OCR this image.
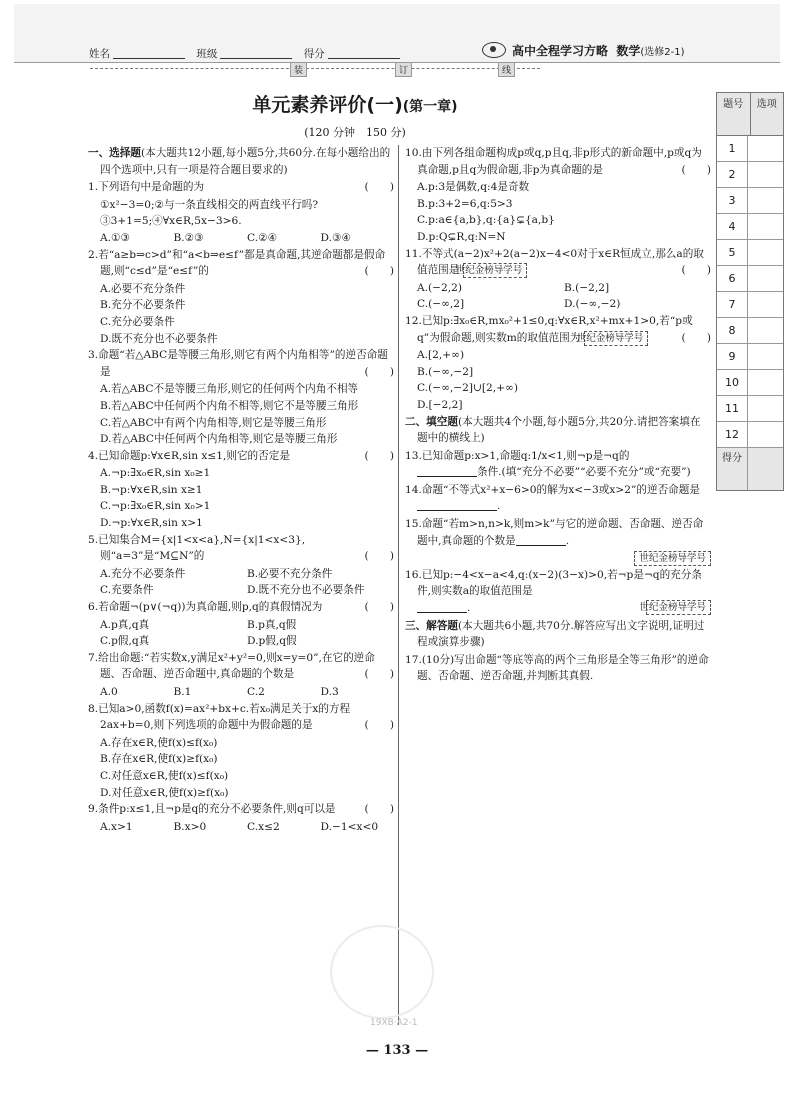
姓名	班级	得分	高中全程学习方略 数学(选修2-1)
装	订	线
单元素养评价(一)(第一章)
(120 分钟　150 分)
题号	选项
1
2
3
4
5
6
7
8
9
10
11
12
得分
一、选择题(本大题共12小题,每小题5分,共60分.在每小题给出的四个选项中,只有一项是符合题目要求的)
1.下列语句中是命题的为	(　　)
①x²−3=0;②与一条直线相交的两直线平行吗?③3+1=5;④∀x∈R,5x−3>6.
A.①③	B.②③	C.②④	D.③④
2.若“a≥b⇒c>d”和“a<b⇒e≤f”都是真命题,其逆命题都是假命题,则“c≤d”是“e≤f”的	(　　)
A.必要不充分条件
B.充分不必要条件
C.充分必要条件
D.既不充分也不必要条件
3.命题“若△ABC是等腰三角形,则它有两个内角相等”的逆否命题是	(　　)
A.若△ABC不是等腰三角形,则它的任何两个内角不相等
B.若△ABC中任何两个内角不相等,则它不是等腰三角形
C.若△ABC中有两个内角相等,则它是等腰三角形
D.若△ABC中任何两个内角相等,则它是等腰三角形
4.已知命题p:∀x∈R,sin x≤1,则它的否定是	(　　)
A.¬p:∃x₀∈R,sin x₀≥1
B.¬p:∀x∈R,sin x≥1
C.¬p:∃x₀∈R,sin x₀>1
D.¬p:∀x∈R,sin x>1
5.已知集合M={x|1<x<a},N={x|1<x<3},则“a=3”是“M⊆N”的	(　　)
A.充分不必要条件	B.必要不充分条件
C.充要条件	D.既不充分也不必要条件
6.若命题¬(p∨(¬q))为真命题,则p,q的真假情况为	(　　)
A.p真,q真	B.p真,q假
C.p假,q真	D.p假,q假
7.给出命题:“若实数x,y满足x²+y²=0,则x=y=0”,在它的逆命题、否命题、逆否命题中,真命题的个数是	(　　)
A.0	B.1	C.2	D.3
8.已知a>0,函数f(x)=ax²+bx+c.若x₀满足关于x的方程2ax+b=0,则下列选项的命题中为假命题的是	(　　)
A.存在x∈R,使f(x)≤f(x₀)
B.存在x∈R,使f(x)≥f(x₀)
C.对任意x∈R,使f(x)≤f(x₀)
D.对任意x∈R,使f(x)≥f(x₀)
9.条件p:x≤1,且¬p是q的充分不必要条件,则q可以是	(　　)
A.x>1	B.x>0	C.x≤2	D.−1<x<0
10.由下列各组命题构成p或q,p且q,非p形式的新命题中,p或q为真命题,p且q为假命题,非p为真命题的是	(　　)
A.p:3是偶数,q:4是奇数
B.p:3+2=6,q:5>3
C.p:a∈{a,b},q:{a}⊊{a,b}
D.p:Q⊊R,q:N=N
11.不等式(a−2)x²+2(a−2)x−4<0对于x∈R恒成立,那么a的取值范围是 世纪金榜导学号	(　　)
A.(−2,2)	B.(−2,2]
C.(−∞,2]	D.(−∞,−2)
12.已知p:∃x₀∈R,mx₀²+1≤0,q:∀x∈R,x²+mx+1>0,若“p或q”为假命题,则实数m的取值范围为 世纪金榜导学号	(　　)
A.[2,+∞)
B.(−∞,−2]
C.(−∞,−2]∪[2,+∞)
D.[−2,2]
二、填空题(本大题共4个小题,每小题5分,共20分.请把答案填在题中的横线上)
13.已知命题p:x>1,命题q:1/x<1,则¬p是¬q的
条件.(填“充分不必要”“必要不充分”或“充要”)
14.命题“不等式x²+x−6>0的解为x<−3或x>2”的逆否命题是.
15.命题“若m>n,n>k,则m>k”与它的逆命题、否命题、逆否命题中,真命题的个数是	.
世纪金榜导学号
16.已知p:−4<x−a<4,q:(x−2)(3−x)>0,若¬p是¬q的充分条件,则实数a的取值范围是
.	世纪金榜导学号
三、解答题(本大题共6小题,共70分.解答应写出文字说明,证明过程或演算步骤)
17.(10分)写出命题“等底等高的两个三角形是全等三角形”的逆命题、否命题、逆否命题,并判断其真假.
19XB·A2-1
— 133 —
